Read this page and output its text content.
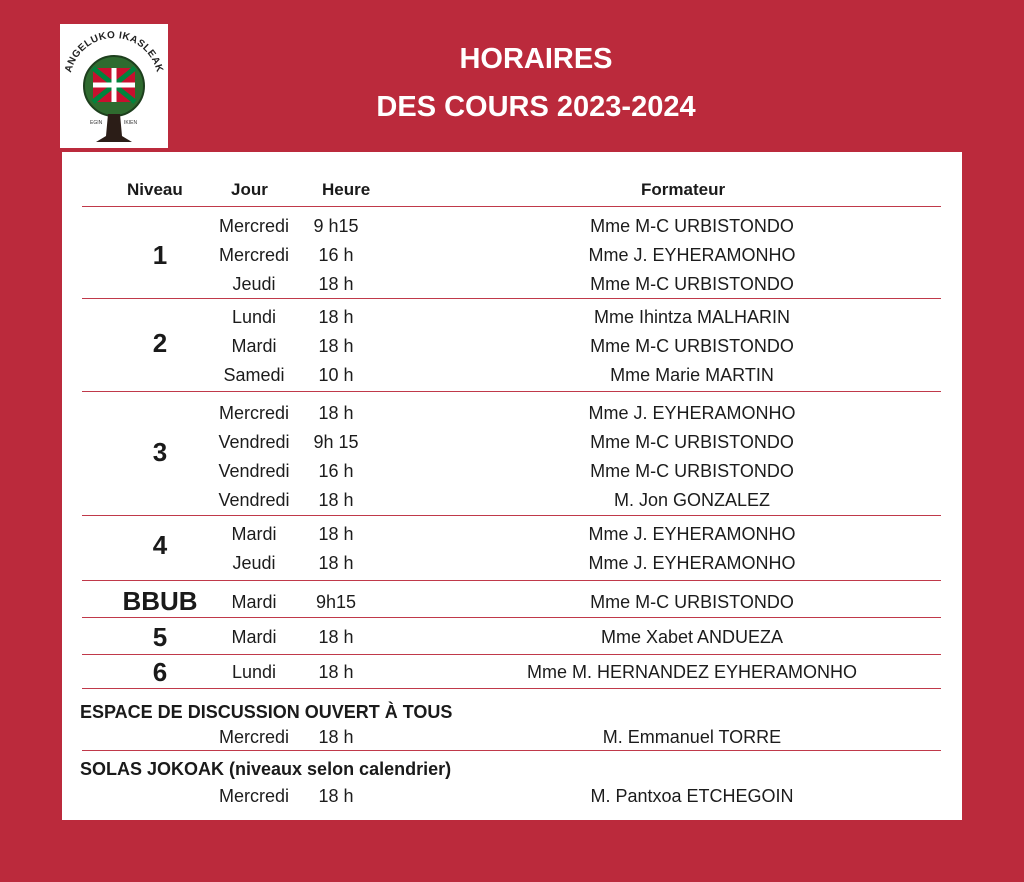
ANGELUKO IKASLEAK
EGIN	IKIEN
HORAIRES
DES COURS 2023-2024
Niveau	Jour	Heure	Formateur
1
Mercredi	9 h15	Mme M-C URBISTONDO
Mercredi	16 h	Mme J. EYHERAMONHO
Jeudi	18 h	Mme M-C URBISTONDO
2
Lundi	18 h	Mme Ihintza MALHARIN
Mardi	18 h	Mme M-C URBISTONDO
Samedi	10 h	Mme Marie MARTIN
3
Mercredi	18 h	Mme J. EYHERAMONHO
Vendredi	9h 15	Mme M-C URBISTONDO
Vendredi	16 h	Mme M-C URBISTONDO
Vendredi	18 h	M. Jon GONZALEZ
4	Mardi	18 h	Mme J. EYHERAMONHO
Jeudi	18 h	Mme J. EYHERAMONHO
BBUB	Mardi	9h15	Mme M-C URBISTONDO
5	Mardi	18 h	Mme Xabet ANDUEZA
6	Lundi	18 h	Mme M. HERNANDEZ EYHERAMONHO
ESPACE DE DISCUSSION OUVERT À TOUS
Mercredi	18 h	M. Emmanuel TORRE
SOLAS JOKOAK (niveaux selon calendrier)
Mercredi	18 h	M. Pantxoa ETCHEGOIN
